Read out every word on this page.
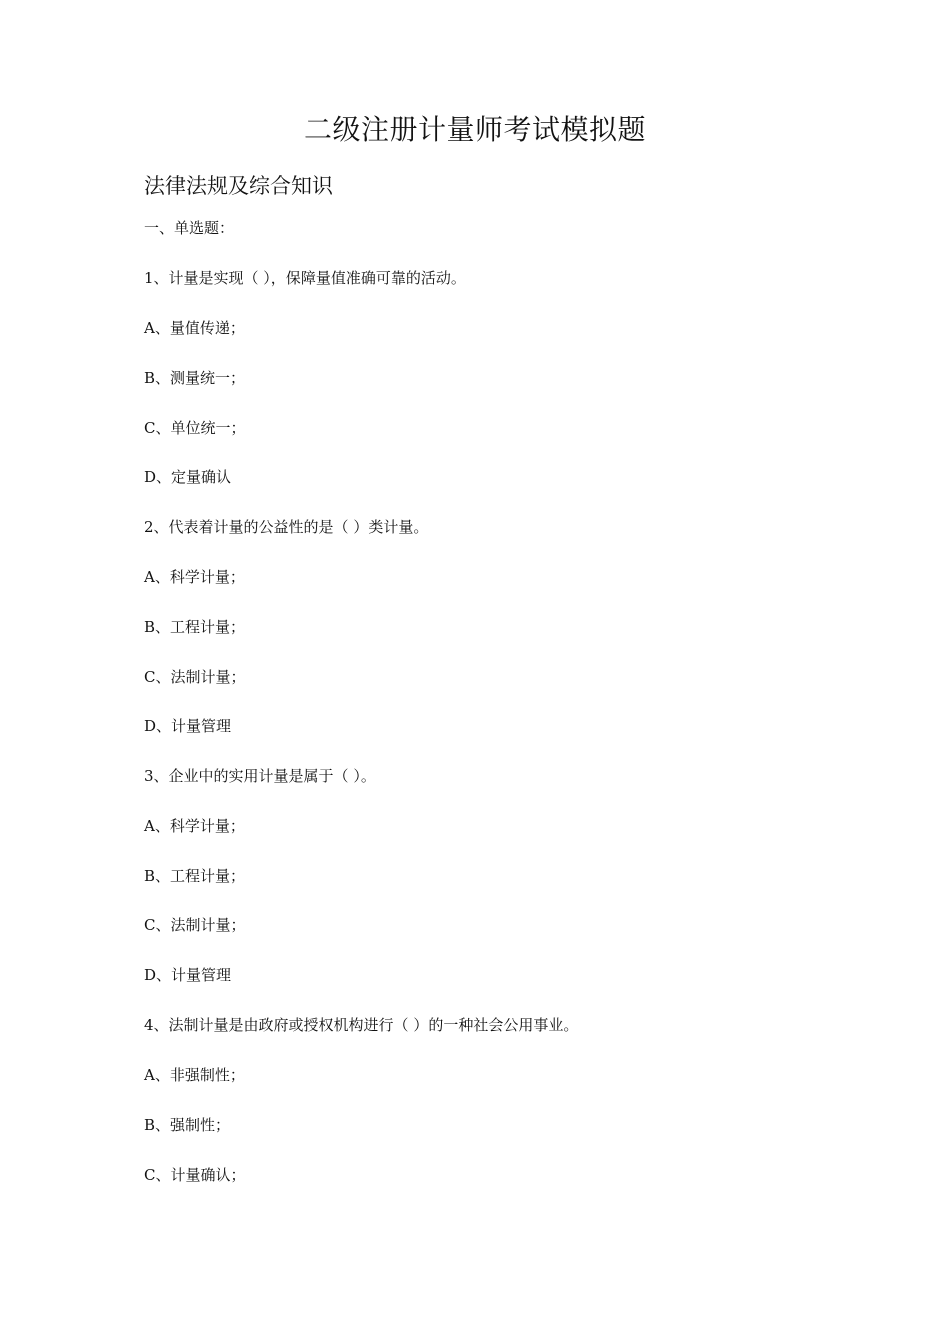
二级注册计量师考试模拟题
法律法规及综合知识
一、单选题：
1、计量是实现（ ），保障量值准确可靠的活动。
A、量值传递；
B、测量统一；
C、单位统一；
D、定量确认
2、代表着计量的公益性的是（ ）类计量。
A、科学计量；
B、工程计量；
C、法制计量；
D、计量管理
3、企业中的实用计量是属于（ ）。
A、科学计量；
B、工程计量；
C、法制计量；
D、计量管理
4、法制计量是由政府或授权机构进行（ ）的一种社会公用事业。
A、非强制性；
B、强制性；
C、计量确认；
